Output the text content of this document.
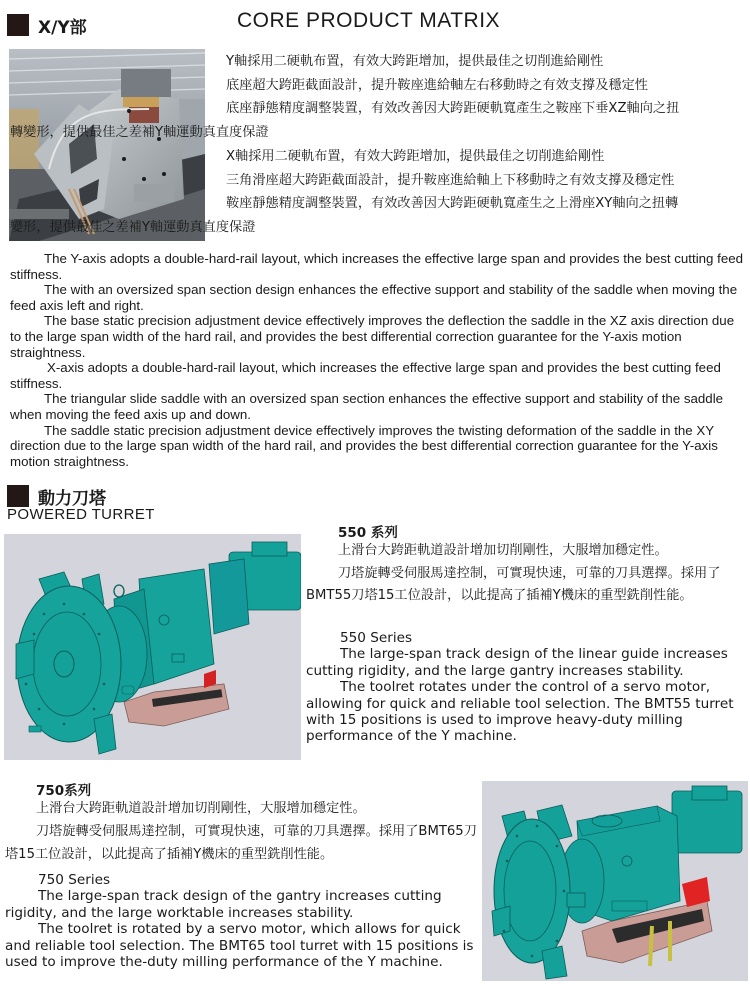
X/Y部	CORE PRODUCT MATRIX

Y軸採用二硬軌布置，有效大跨距增加，提供最佳之切削進給剛性

底座超大跨距截面設計，提升鞍座進給軸左右移動時之有效支撐及穩定性

底座靜態精度調整裝置，有效改善因大跨距硬軌寬產生之鞍座下垂XZ軸向之扭

轉變形，提供最佳之差補Y軸運動真直度保證

X軸採用二硬軌布置，有效大跨距增加，提供最佳之切削進給剛性

三角滑座超大跨距截面設計，提升鞍座進給軸上下移動時之有效支撐及穩定性

鞍座靜態精度調整裝置，有效改善因大跨距硬軌寬產生之上滑座XY軸向之扭轉

變形，提供最佳之差補Y軸運動真直度保證

The Y-axis adopts a double-hard-rail layout, which increases the effective large span and provides the best cutting feed stiffness.

The with an oversized span section design enhances the effective support and stability of the saddle when moving the feed axis left and right.

The base static precision adjustment device effectively improves the deflection the saddle in the XZ axis direction due to the large span width of the hard rail, and provides the best differential correction guarantee for the Y-axis motion straightness.

X-axis adopts a double-hard-rail layout, which increases the effective large span and provides the best cutting feed stiffness.

The triangular slide saddle with an oversized span section enhances the effective support and stability of the saddle when moving the feed axis up and down.

The saddle static precision adjustment device effectively improves the twisting deformation of the saddle in the XY direction due to the large span width of the hard rail, and provides the best differential correction guarantee for the Y-axis motion straightness.

動力刀塔
POWERED TURRET
550 系列

上滑台大跨距軌道設計增加切削剛性，大服增加穩定性。

刀塔旋轉受伺服馬達控制，可實現快速，可靠的刀具選擇。採用了BMT55刀塔15工位設計，以此提高了插補Y機床的重型銑削性能。

550 Series

The large-span track design of the linear guide increases cutting rigidity, and the large gantry increases stability.

The toolret rotates under the control of a servo motor, allowing for quick and reliable tool selection. The BMT55 turret with 15 positions is used to improve heavy-duty milling performance of the Y machine.

750系列

上滑台大跨距軌道設計增加切削剛性，大服增加穩定性。

刀塔旋轉受伺服馬達控制，可實現快速，可靠的刀具選擇。採用了BMT65刀塔15工位設計，以此提高了插補Y機床的重型銑削性能。

750 Series

The large-span track design of the gantry increases cutting rigidity, and the large worktable increases stability.

The toolret is rotated by a servo motor, which allows for quick and reliable tool selection. The BMT65 tool turret with 15 positions is used to improve the-duty milling performance of the Y machine.
